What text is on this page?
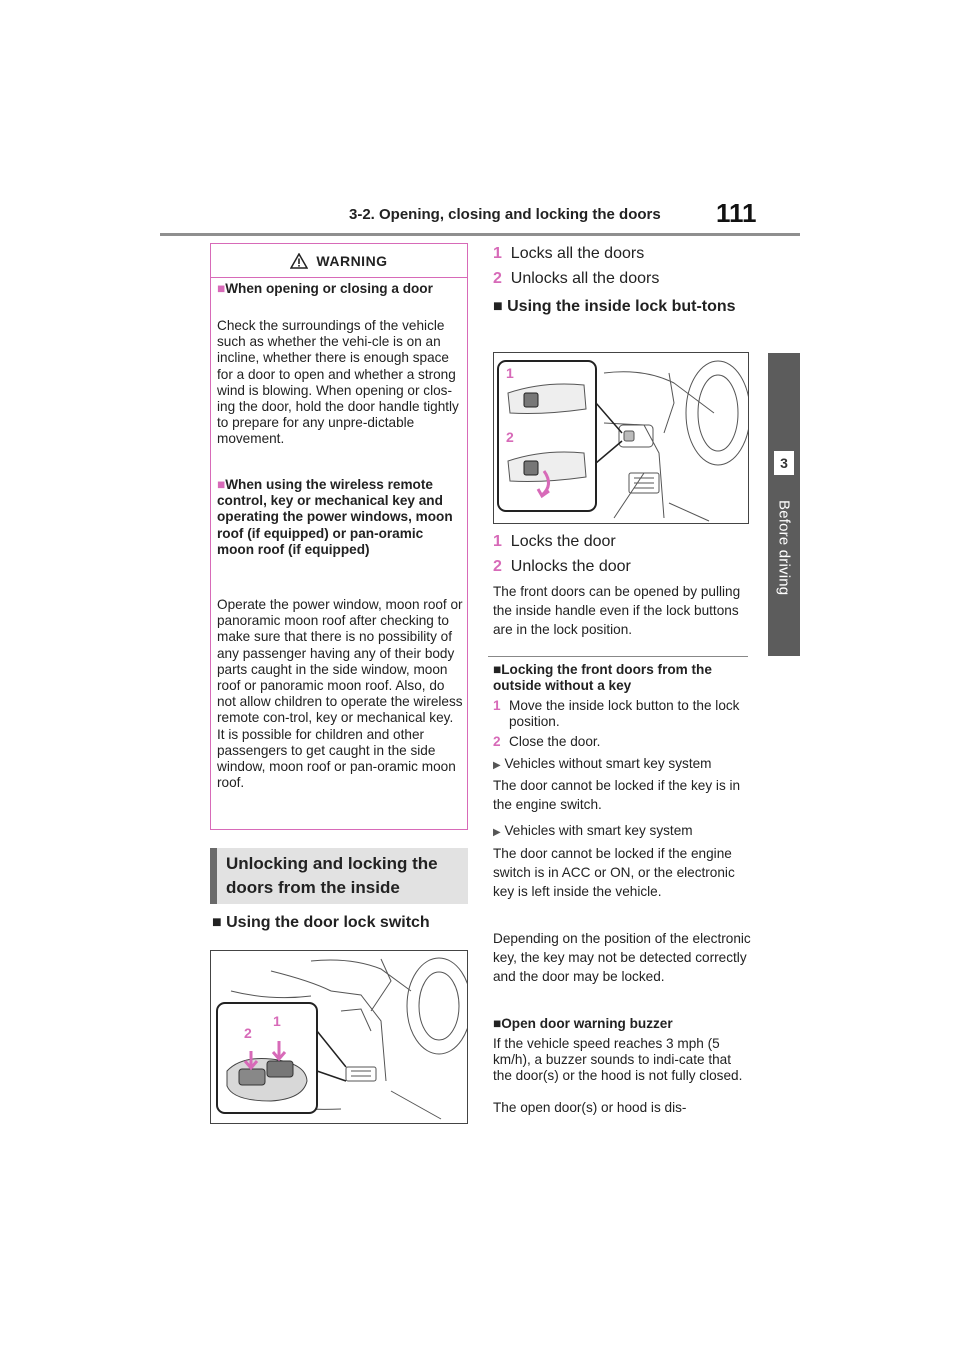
3-2. Opening, closing and locking the doors 111
3
Before driving
WARNING
■When opening or closing a door
Check the surroundings of the vehicle such as whether the vehi-cle is on an incline, whether there is enough space for a door to open and whether a strong wind is blowing. When opening or clos-ing the door, hold the door handle tightly to prepare for any unpre-dictable movement.
■When using the wireless remote control, key or mechanical key and operating the power windows, moon roof (if equipped) or pan-oramic moon roof (if equipped)
Operate the power window, moon roof or panoramic moon roof after checking to make sure that there is no possibility of any passenger having any of their body parts caught in the side window, moon roof or panoramic moon roof. Also, do not allow children to operate the wireless remote con-trol, key or mechanical key. It is possible for children and other passengers to get caught in the side window, moon roof or pan-oramic moon roof.
Unlocking and locking the doors from the inside
■ Using the door lock switch
2
1
1 Locks all the doors
2 Unlocks all the doors
■ Using the inside lock but-tons
1
2
1 Locks the door
2 Unlocks the door
The front doors can be opened by pulling the inside handle even if the lock buttons are in the lock position.
■Locking the front doors from the outside without a key
1 Move the inside lock button to the lock position.
2 Close the door.
▶ Vehicles without smart key system
The door cannot be locked if the key is in the engine switch.
▶ Vehicles with smart key system
The door cannot be locked if the engine switch is in ACC or ON, or the electronic key is left inside the vehicle.
Depending on the position of the electronic key, the key may not be detected correctly and the door may be locked.
■Open door warning buzzer
If the vehicle speed reaches 3 mph (5 km/h), a buzzer sounds to indi-cate that the door(s) or the hood is not fully closed.
The open door(s) or hood is dis-
